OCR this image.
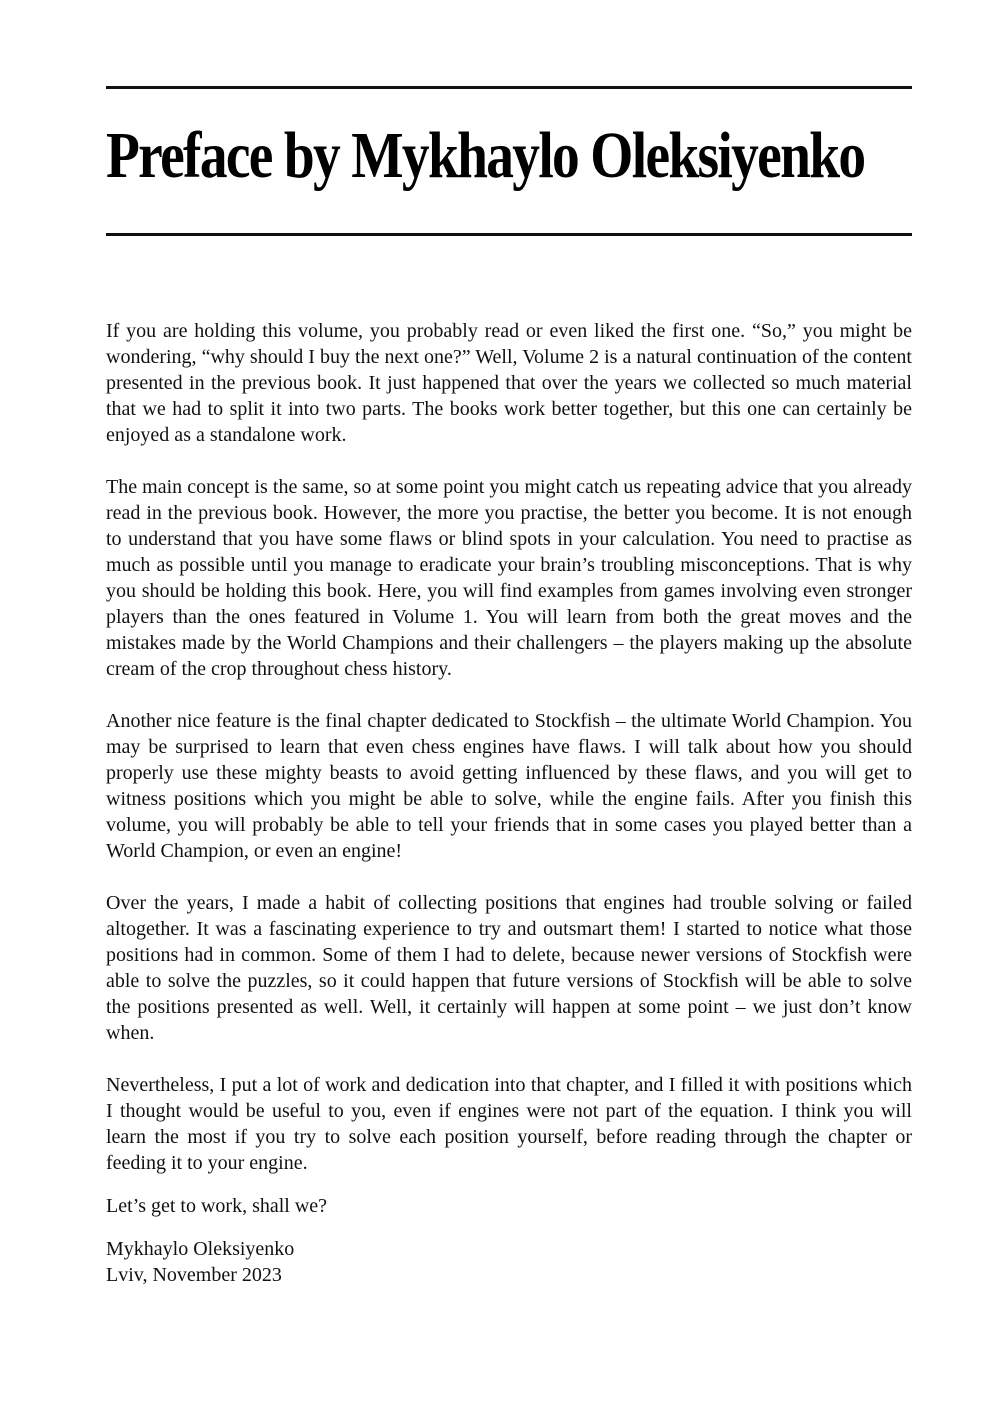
Preface by Mykhaylo Oleksiyenko

If you are holding this volume, you probably read or even liked the first one. “So,” you might be wondering, “why should I buy the next one?” Well, Volume 2 is a natural continuation of the content presented in the previous book. It just happened that over the years we collected so much material that we had to split it into two parts. The books work better together, but this one can certainly be enjoyed as a standalone work.

The main concept is the same, so at some point you might catch us repeating advice that you already read in the previous book. However, the more you practise, the better you become. It is not enough to understand that you have some flaws or blind spots in your calculation. You need to practise as much as possible until you manage to eradicate your brain’s troubling misconceptions. That is why you should be holding this book. Here, you will find examples from games involving even stronger players than the ones featured in Volume 1. You will learn from both the great moves and the mistakes made by the World Champions and their challengers – the players making up the absolute cream of the crop throughout chess history.

Another nice feature is the final chapter dedicated to Stockfish – the ultimate World Champion. You may be surprised to learn that even chess engines have flaws. I will talk about how you should properly use these mighty beasts to avoid getting influenced by these flaws, and you will get to witness positions which you might be able to solve, while the engine fails. After you finish this volume, you will probably be able to tell your friends that in some cases you played better than a World Champion, or even an engine!

Over the years, I made a habit of collecting positions that engines had trouble solving or failed altogether. It was a fascinating experience to try and outsmart them! I started to notice what those positions had in common. Some of them I had to delete, because newer versions of Stockfish were able to solve the puzzles, so it could happen that future versions of Stockfish will be able to solve the positions presented as well. Well, it certainly will happen at some point – we just don’t know when.

Nevertheless, I put a lot of work and dedication into that chapter, and I filled it with positions which I thought would be useful to you, even if engines were not part of the equation. I think you will learn the most if you try to solve each position yourself, before reading through the chapter or feeding it to your engine.

Let’s get to work, shall we?

Mykhaylo Oleksiyenko

Lviv, November 2023
